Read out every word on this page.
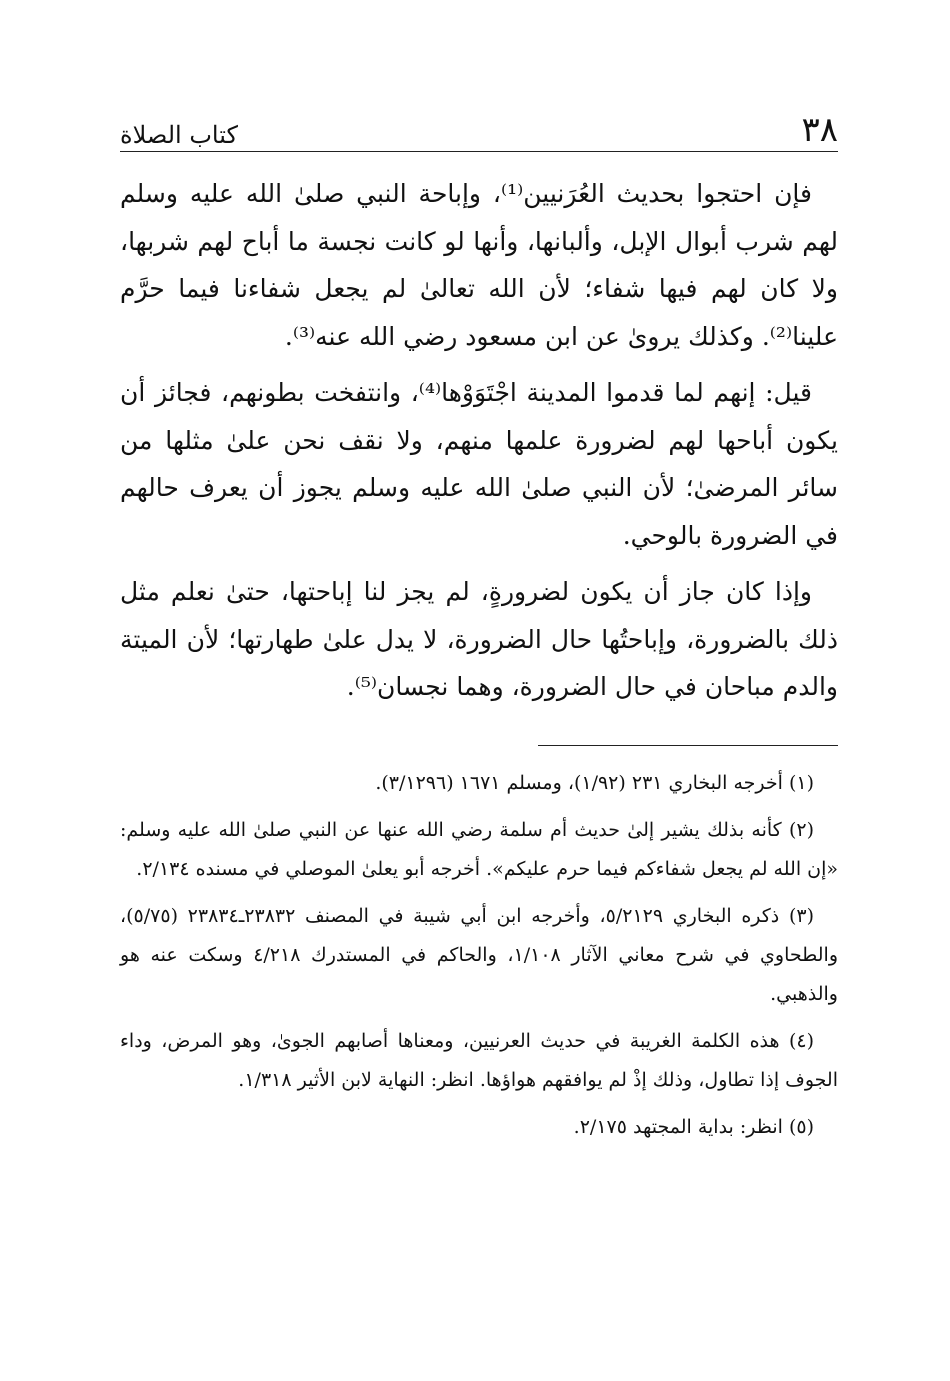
٣٨
كتاب الصلاة

فإن احتجوا بحديث العُرَنيين⁽¹⁾، وإباحة النبي صلىٰ الله عليه وسلم لهم شرب أبوال الإبل، وألبانها، وأنها لو كانت نجسة ما أباح لهم شربها، ولا كان لهم فيها شفاء؛ لأن الله تعالىٰ لم يجعل شفاءنا فيما حرَّم علينا⁽²⁾. وكذلك يروىٰ عن ابن مسعود رضي الله عنه⁽³⁾.

قيل: إنهم لما قدموا المدينة اجْتَوَوْها⁽⁴⁾، وانتفخت بطونهم، فجائز أن يكون أباحها لهم لضرورة علمها منهم، ولا نقف نحن علىٰ مثلها من سائر المرضىٰ؛ لأن النبي صلىٰ الله عليه وسلم يجوز أن يعرف حالهم في الضرورة بالوحي.

وإذا كان جاز أن يكون لضرورةٍ، لم يجز لنا إباحتها، حتىٰ نعلم مثل ذلك بالضرورة، وإباحتُها حال الضرورة، لا يدل علىٰ طهارتها؛ لأن الميتة والدم مباحان في حال الضرورة، وهما نجسان⁽⁵⁾.

(١) أخرجه البخاري ٢٣١ (١/٩٢)، ومسلم ١٦٧١ (٣/١٢٩٦).

(٢) كأنه بذلك يشير إلىٰ حديث أم سلمة رضي الله عنها عن النبي صلىٰ الله عليه وسلم: «إن الله لم يجعل شفاءكم فيما حرم عليكم». أخرجه أبو يعلىٰ الموصلي في مسنده ٢/١٣٤.

(٣) ذكره البخاري ٥/٢١٢٩، وأخرجه ابن أبي شيبة في المصنف ٢٣٨٣٢ـ٢٣٨٣٤ (٥/٧٥)، والطحاوي في شرح معاني الآثار ١/١٠٨، والحاكم في المستدرك ٤/٢١٨ وسكت عنه هو والذهبي.

(٤) هذه الكلمة الغريبة في حديث العرنيين، ومعناها أصابهم الجوىٰ، وهو المرض، وداء الجوف إذا تطاول، وذلك إذْ لم يوافقهم هواؤها. انظر: النهاية لابن الأثير ١/٣١٨.

(٥) انظر: بداية المجتهد ٢/١٧٥.
